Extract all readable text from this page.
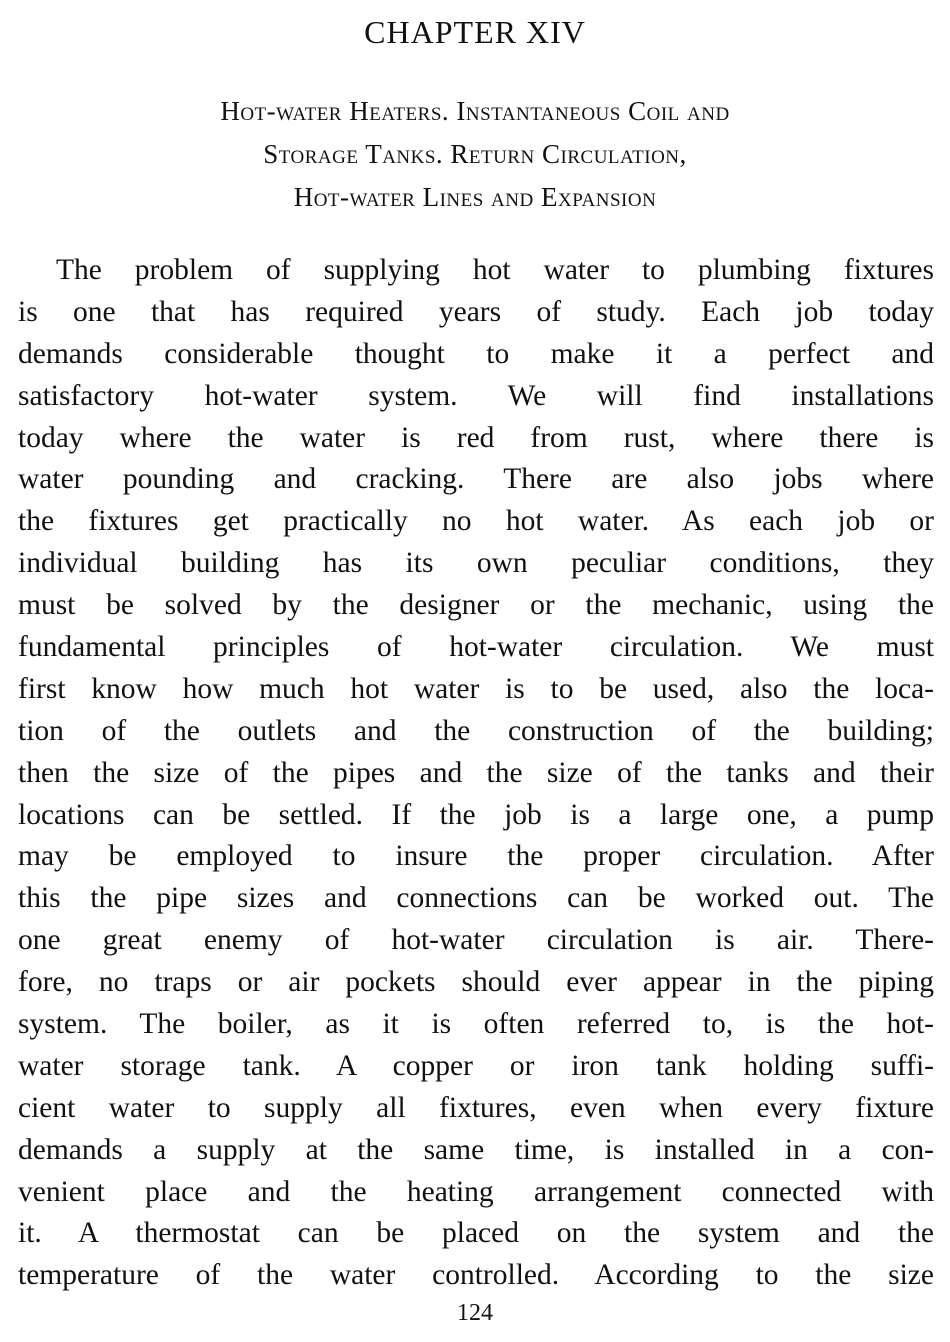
CHAPTER XIV
Hot-water Heaters. Instantaneous Coil and
Storage Tanks. Return Circulation,
Hot-water Lines and Expansion
The problem of supplying hot water to plumbing fixtures
is one that has required years of study. Each job today
demands considerable thought to make it a perfect and
satisfactory hot-water system. We will find installations
today where the water is red from rust, where there is
water pounding and cracking. There are also jobs where
the fixtures get practically no hot water. As each job or
individual building has its own peculiar conditions, they
must be solved by the designer or the mechanic, using the
fundamental principles of hot-water circulation. We must
first know how much hot water is to be used, also the loca-
tion of the outlets and the construction of the building;
then the size of the pipes and the size of the tanks and their
locations can be settled. If the job is a large one, a pump
may be employed to insure the proper circulation. After
this the pipe sizes and connections can be worked out. The
one great enemy of hot-water circulation is air. There-
fore, no traps or air pockets should ever appear in the piping
system. The boiler, as it is often referred to, is the hot-
water storage tank. A copper or iron tank holding suffi-
cient water to supply all fixtures, even when every fixture
demands a supply at the same time, is installed in a con-
venient place and the heating arrangement connected with
it. A thermostat can be placed on the system and the
temperature of the water controlled. According to the size
124
